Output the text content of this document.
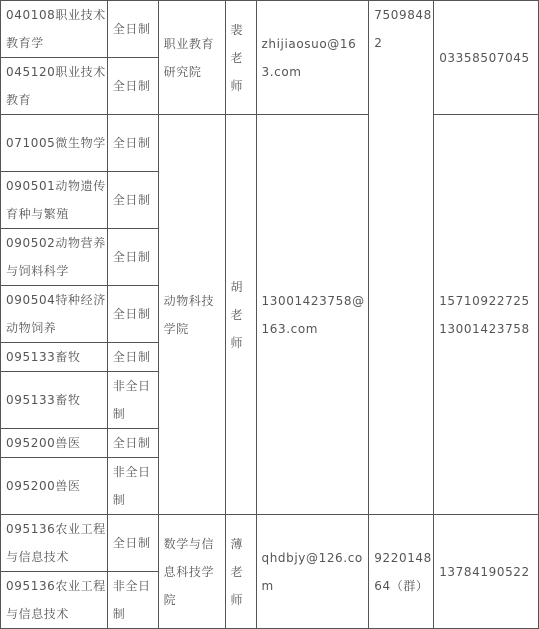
040108职业技术教育学	全日制	职业教育研究院	裴老师	zhijiaosuo@163.com	75098482	03358507045
045120职业技术教育	全日制					
071005微生物学	全日制	动物科技学院	胡老师	13001423758@163.com		15710922725 13001423758
090501动物遗传育种与繁殖	全日制					
090502动物营养与饲料科学	全日制					
090504特种经济动物饲养	全日制					
095133畜牧	全日制					
095133畜牧	非全日制					
095200兽医	全日制					
095200兽医	非全日制					
095136农业工程与信息技术	全日制	数学与信息科技学院	薄老师	qhdbjy@126.com	922014864（群）	13784190522
095136农业工程与信息技术	非全日制					
